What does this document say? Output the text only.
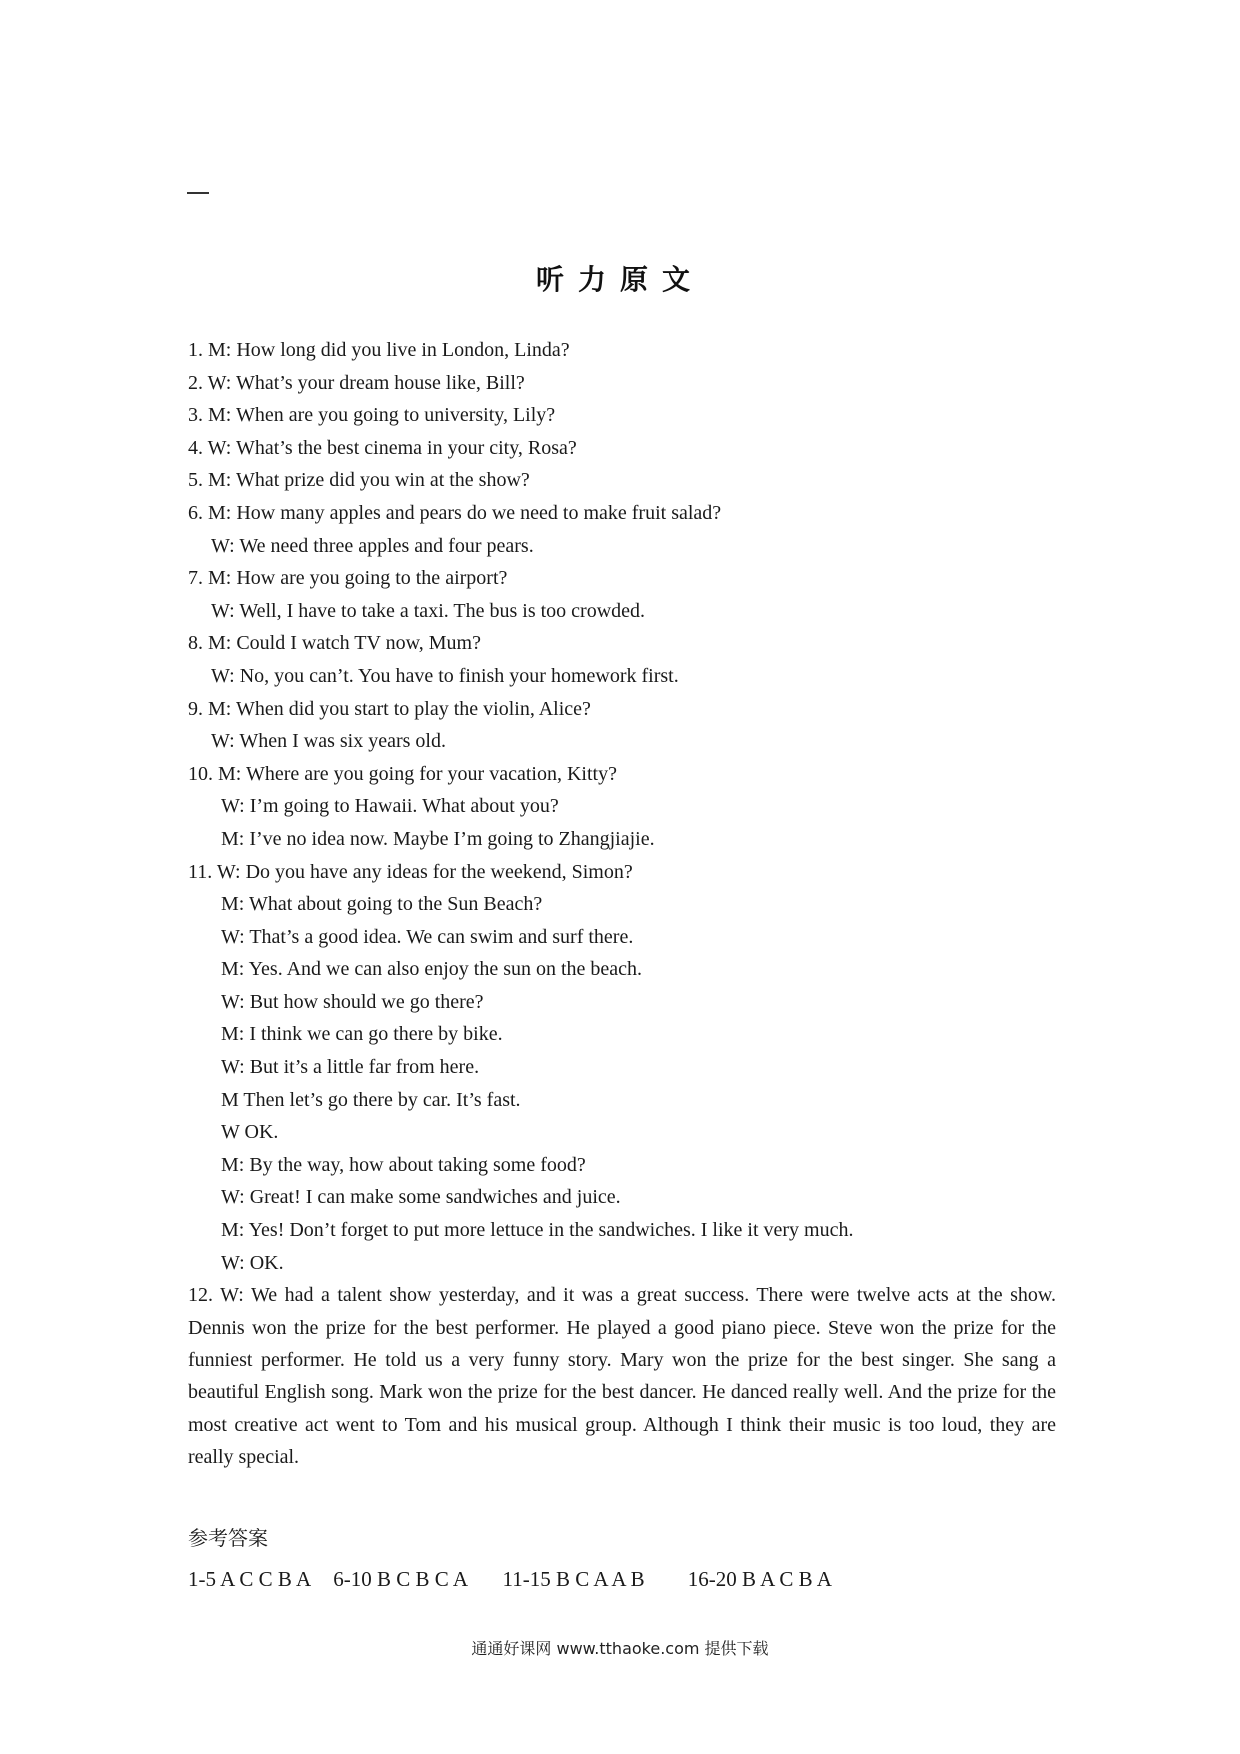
听力原文
1. M: How long did you live in London, Linda?
2. W: What’s your dream house like, Bill?
3. M: When are you going to university, Lily?
4. W: What’s the best cinema in your city, Rosa?
5. M: What prize did you win at the show?
6. M: How many apples and pears do we need to make fruit salad?
W: We need three apples and four pears.
7. M: How are you going to the airport?
W: Well, I have to take a taxi. The bus is too crowded.
8. M: Could I watch TV now, Mum?
W: No, you can’t. You have to finish your homework first.
9. M: When did you start to play the violin, Alice?
W: When I was six years old.
10. M: Where are you going for your vacation, Kitty?
W: I’m going to Hawaii. What about you?
M: I’ve no idea now. Maybe I’m going to Zhangjiajie.
11. W: Do you have any ideas for the weekend, Simon?
M: What about going to the Sun Beach?
W: That’s a good idea. We can swim and surf there.
M: Yes. And we can also enjoy the sun on the beach.
W: But how should we go there?
M: I think we can go there by bike.
W: But it’s a little far from here.
M Then let’s go there by car. It’s fast.
W OK.
M: By the way, how about taking some food?
W: Great! I can make some sandwiches and juice.
M: Yes! Don’t forget to put more lettuce in the sandwiches. I like it very much.
W: OK.
12. W: We had a talent show yesterday, and it was a great success. There were twelve acts at the show. Dennis won the prize for the best performer. He played a good piano piece. Steve won the prize for the funniest performer. He told us a very funny story. Mary won the prize for the best singer. She sang a beautiful English song. Mark won the prize for the best dancer. He danced really well. And the prize for the most creative act went to Tom and his musical group. Although I think their music is too loud, they are really special.
参考答案
1-5 A C C B A 6-10 B C B C A 11-15 B C A A B 16-20 B A C B A
通通好课网 www.tthaoke.com 提供下载
